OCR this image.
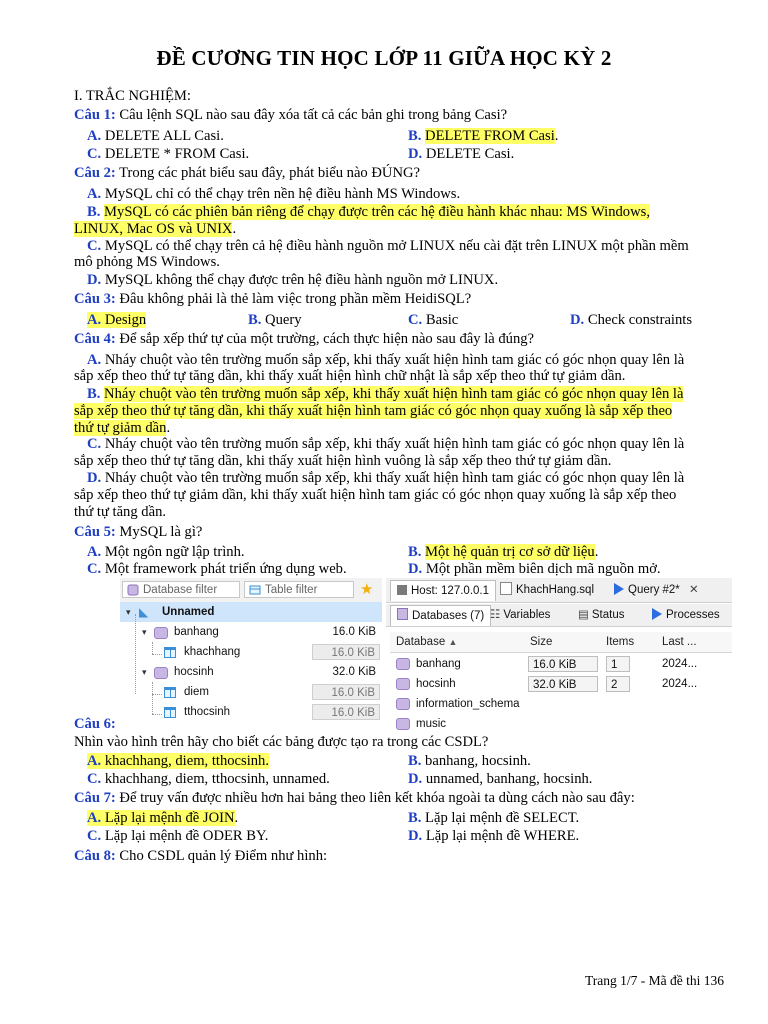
ĐỀ CƯƠNG TIN HỌC LỚP 11 GIỮA HỌC KỲ 2
I. TRẮC NGHIỆM:
Câu 1: Câu lệnh SQL nào sau đây xóa tất cả các bản ghi trong bảng Casi?
A. DELETE ALL Casi.	B. DELETE FROM Casi.
C. DELETE * FROM Casi.	D. DELETE Casi.
Câu 2: Trong các phát biểu sau đây, phát biểu nào ĐÚNG?
A. MySQL chỉ có thể chạy trên nền hệ điều hành MS Windows.
B. MySQL có các phiên bản riêng để chạy được trên các hệ điều hành khác nhau: MS Windows,
LINUX, Mac OS và UNIX.
C. MySQL có thể chạy trên cả hệ điều hành nguồn mở LINUX nếu cài đặt trên LINUX một phần mềm
mô phỏng MS Windows.
D. MySQL không thể chạy được trên hệ điều hành nguồn mở LINUX.
Câu 3: Đâu không phải là thẻ làm việc trong phần mềm HeidiSQL?
A. Design	B. Query	C. Basic	D. Check constraints
Câu 4: Để sắp xếp thứ tự của một trường, cách thực hiện nào sau đây là đúng?
A. Nháy chuột vào tên trường muốn sắp xếp, khi thấy xuất hiện hình tam giác có góc nhọn quay lên là
sắp xếp theo thứ tự tăng dần, khi thấy xuất hiện hình chữ nhật là sắp xếp theo thứ tự giảm dần.
B. Nháy chuột vào tên trường muốn sắp xếp, khi thấy xuất hiện hình tam giác có góc nhọn quay lên là
sắp xếp theo thứ tự tăng dần, khi thấy xuất hiện hình tam giác có góc nhọn quay xuống là sắp xếp theo
thứ tự giảm dần.
C. Nháy chuột vào tên trường muốn sắp xếp, khi thấy xuất hiện hình tam giác có góc nhọn quay lên là
sắp xếp theo thứ tự tăng dần, khi thấy xuất hiện hình vuông là sắp xếp theo thứ tự giảm dần.
D. Nháy chuột vào tên trường muốn sắp xếp, khi thấy xuất hiện hình tam giác có góc nhọn quay lên là
sắp xếp theo thứ tự giảm dần, khi thấy xuất hiện hình tam giác có góc nhọn quay xuống là sắp xếp theo
thứ tự tăng dần.
Câu 5: MySQL là gì?
A. Một ngôn ngữ lập trình.	B. Một hệ quản trị cơ sở dữ liệu.
C. Một framework phát triển ứng dụng web.	D. Một phần mềm biên dịch mã nguồn mở.
Database filter	Table filter	★
▾ ◣ Unnamed
▾ banhang	16.0 KiB
khachhang	16.0 KiB
▾ hocsinh	32.0 KiB
diem	16.0 KiB
tthocsinh	16.0 KiB
Host: 127.0.0.1	KhachHang.sql	Query #2* ✕
Databases (7) ☷ Variables	▤ Status	Processes
Database ▲	Size	Items Last ...
banhang	16.0 KiB	1	2024...
hocsinh	32.0 KiB	2	2024...
information_schema
music
Câu 6:
Nhìn vào hình trên hãy cho biết các bảng được tạo ra trong các CSDL?
A. khachhang, diem, tthocsinh.	B. banhang, hocsinh.
C. khachhang, diem, tthocsinh, unnamed.	D. unnamed, banhang, hocsinh.
Câu 7: Để truy vấn được nhiều hơn hai bảng theo liên kết khóa ngoài ta dùng cách nào sau đây:
A. Lặp lại mệnh đề JOIN.	B. Lặp lại mệnh đề SELECT.
C. Lặp lại mệnh đề ODER BY.	D. Lặp lại mệnh đề WHERE.
Câu 8: Cho CSDL quản lý Điểm như hình:
Trang 1/7 - Mã đề thi 136
